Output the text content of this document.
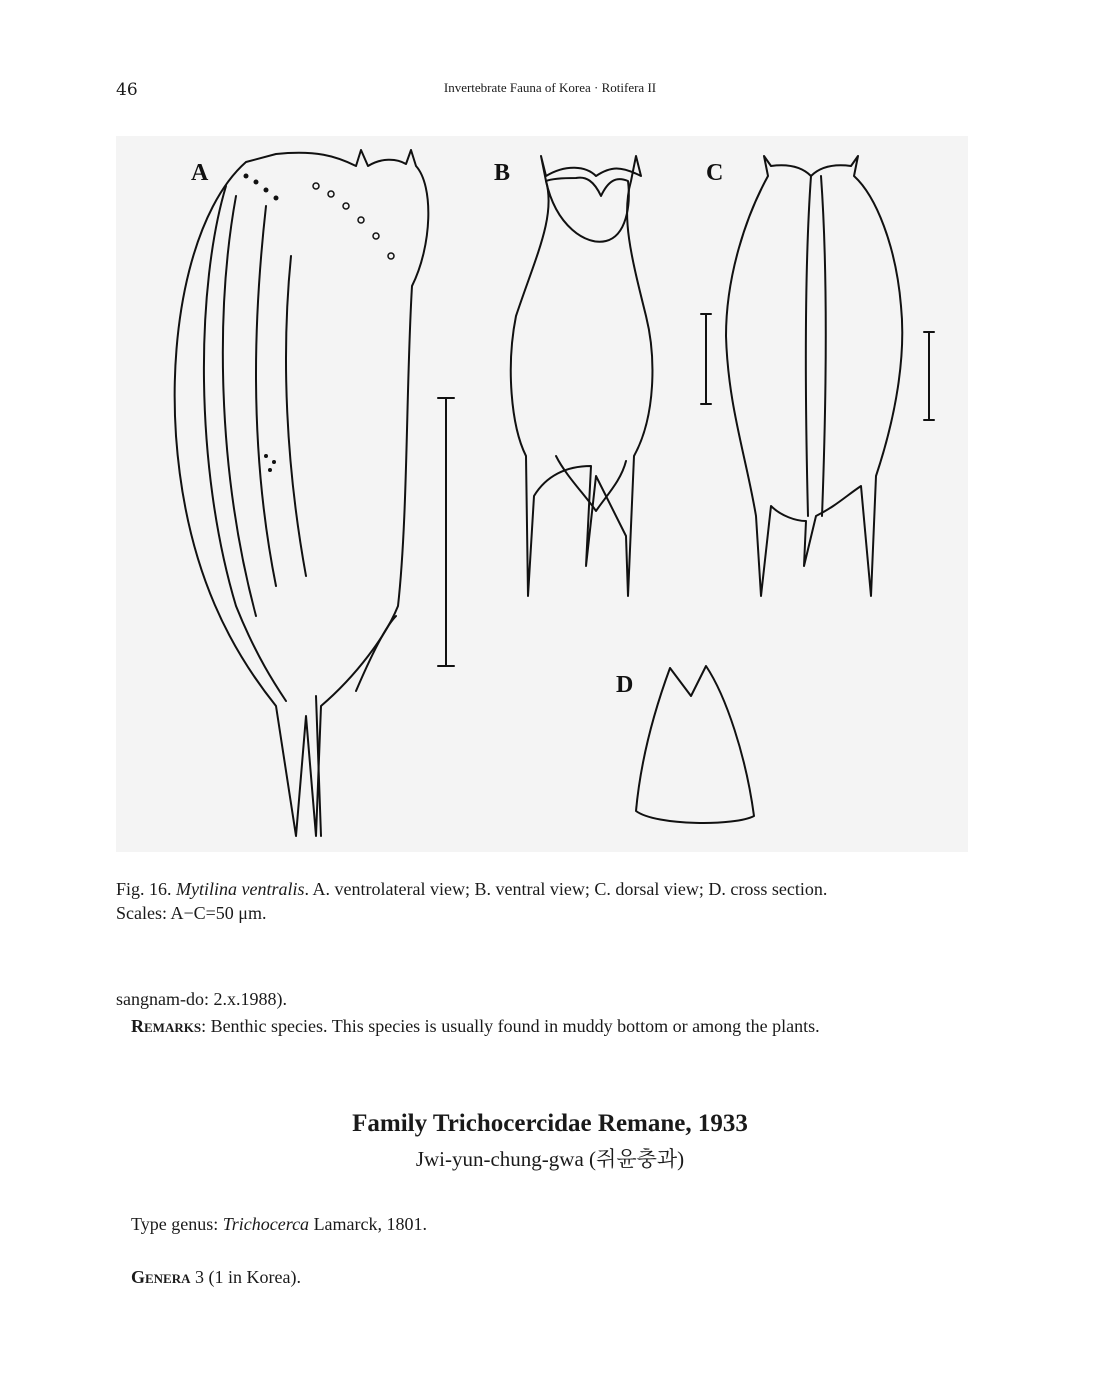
46	Invertebrate Fauna of Korea · Rotifera II
A	B	C
D
Fig. 16. Mytilina ventralis. A. ventrolateral view; B. ventral view; C. dorsal view; D. cross section.
Scales: A−C=50 μm.
sangnam-do: 2.x.1988).
Remarks: Benthic species. This species is usually found in muddy bottom or among the plants.
Family Trichocercidae Remane, 1933
Jwi-yun-chung-gwa (쥐윤충과)
Type genus: Trichocerca Lamarck, 1801.
Genera 3 (1 in Korea).
